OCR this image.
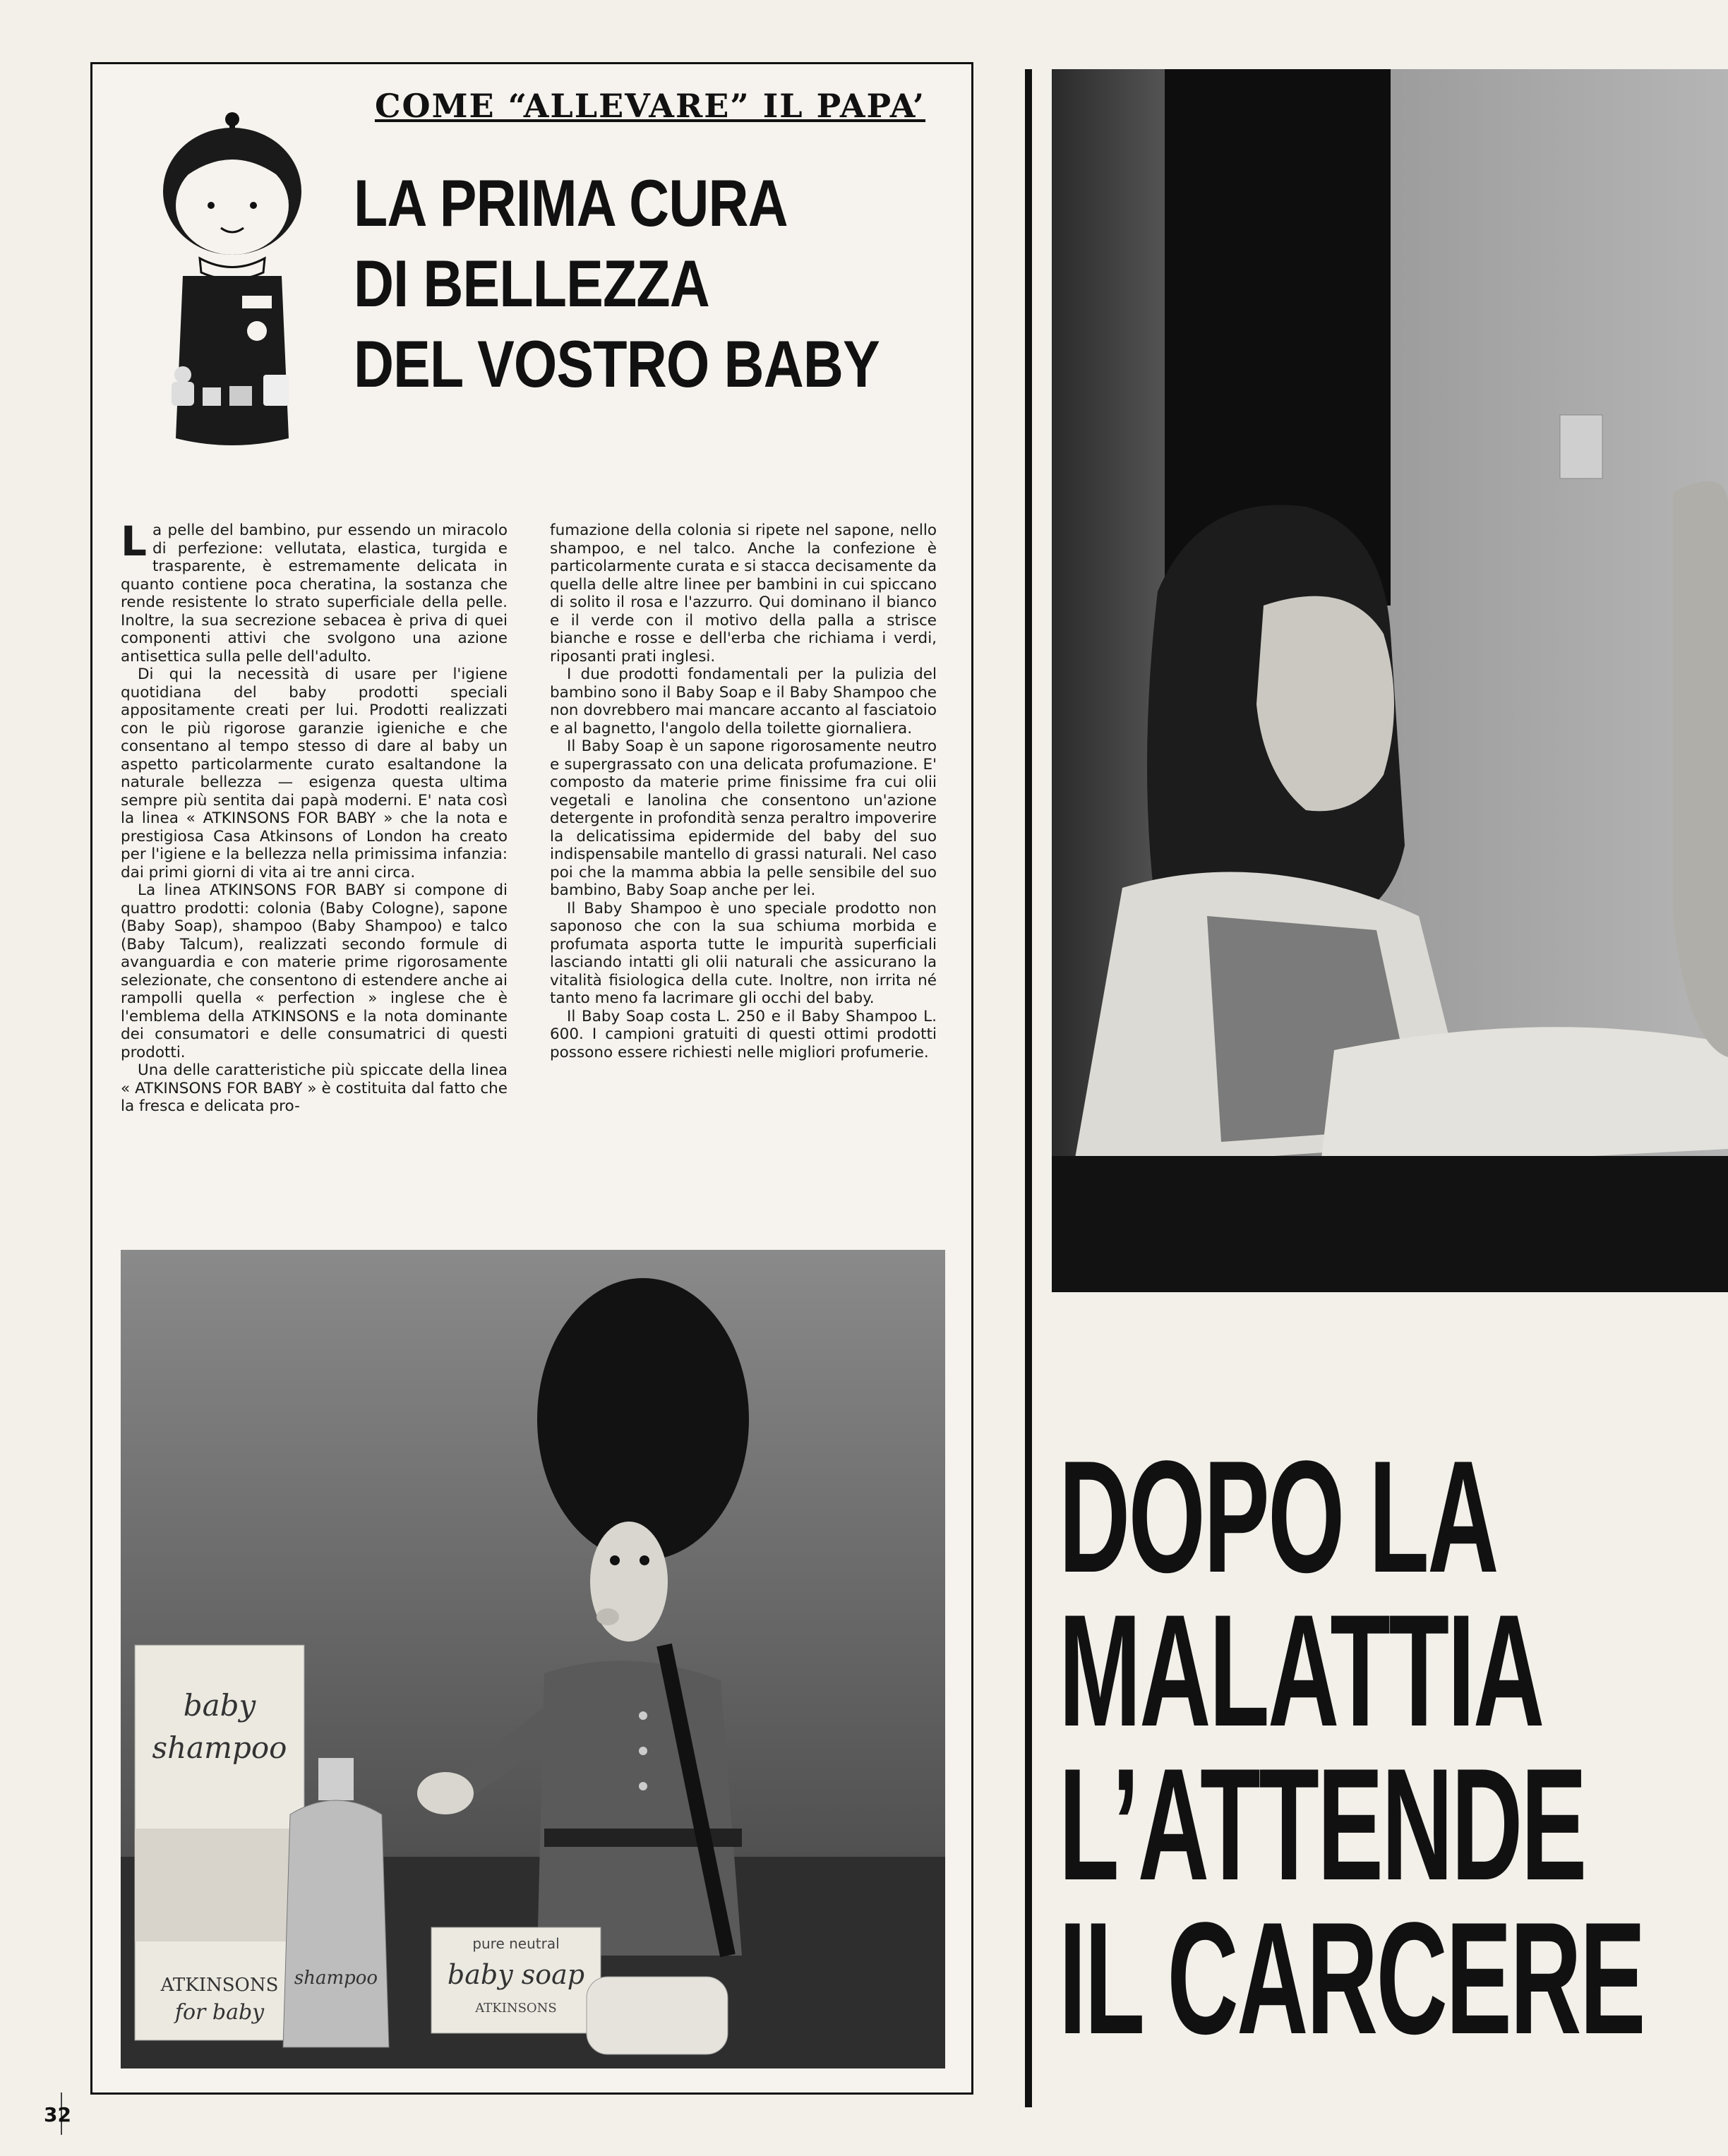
COME “ALLEVARE” IL PAPA’
LA PRIMA CURA
DI BELLEZZA
DEL VOSTRO BABY

La pelle del bambino, pur essendo un miracolo di perfezione: vellutata, elastica, turgida e trasparente, è estremamente delicata in quanto contiene poca cheratina, la sostanza che rende resistente lo strato superficiale della pelle. Inoltre, la sua secrezione sebacea è priva di quei componenti attivi che svolgono una azione antisettica sulla pelle dell'adulto.

Di qui la necessità di usare per l'igiene quotidiana del baby prodotti speciali appositamente creati per lui. Prodotti realizzati con le più rigorose garanzie igieniche e che consentano al tempo stesso di dare al baby un aspetto particolarmente curato esaltandone la naturale bellezza — esigenza questa ultima sempre più sentita dai papà moderni. E' nata così la linea « ATKINSONS FOR BABY » che la nota e prestigiosa Casa Atkinsons of London ha creato per l'igiene e la bellezza nella primissima infanzia: dai primi giorni di vita ai tre anni circa.

La linea ATKINSONS FOR BABY si compone di quattro prodotti: colonia (Baby Cologne), sapone (Baby Soap), shampoo (Baby Shampoo) e talco (Baby Talcum), realizzati secondo formule di avanguardia e con materie prime rigorosamente selezionate, che consentono di estendere anche ai rampolli quella « perfection » inglese che è l'emblema della ATKINSONS e la nota dominante dei consumatori e delle consumatrici di questi prodotti.

Una delle caratteristiche più spiccate della linea « ATKINSONS FOR BABY » è costituita dal fatto che la fresca e delicata pro-

fumazione della colonia si ripete nel sapone, nello shampoo, e nel talco. Anche la confezione è particolarmente curata e si stacca decisamente da quella delle altre linee per bambini in cui spiccano di solito il rosa e l'azzurro. Qui dominano il bianco e il verde con il motivo della palla a strisce bianche e rosse e dell'erba che richiama i verdi, riposanti prati inglesi.

I due prodotti fondamentali per la pulizia del bambino sono il Baby Soap e il Baby Shampoo che non dovrebbero mai mancare accanto al fasciatoio e al bagnetto, l'angolo della toilette giornaliera.

Il Baby Soap è un sapone rigorosamente neutro e supergrassato con una delicata profumazione. E' composto da materie prime finissime fra cui olii vegetali e lanolina che consentono un'azione detergente in profondità senza peraltro impoverire la delicatissima epidermide del baby del suo indispensabile mantello di grassi naturali. Nel caso poi che la mamma abbia la pelle sensibile del suo bambino, Baby Soap anche per lei.

Il Baby Shampoo è uno speciale prodotto non saponoso che con la sua schiuma morbida e profumata asporta tutte le impurità superficiali lasciando intatti gli olii naturali che assicurano la vitalità fisiologica della cute. Inoltre, non irrita né tanto meno fa lacrimare gli occhi del baby.

Il Baby Soap costa L. 250 e il Baby Shampoo L. 600. I campioni gratuiti di questi ottimi prodotti possono essere richiesti nelle migliori profumerie.

baby
shampoo
ATKINSONS
for baby
shampoo
pure neutral
baby soap
ATKINSONS
DOPO LA
MALATTIA
L’ATTENDE
IL CARCERE
32
